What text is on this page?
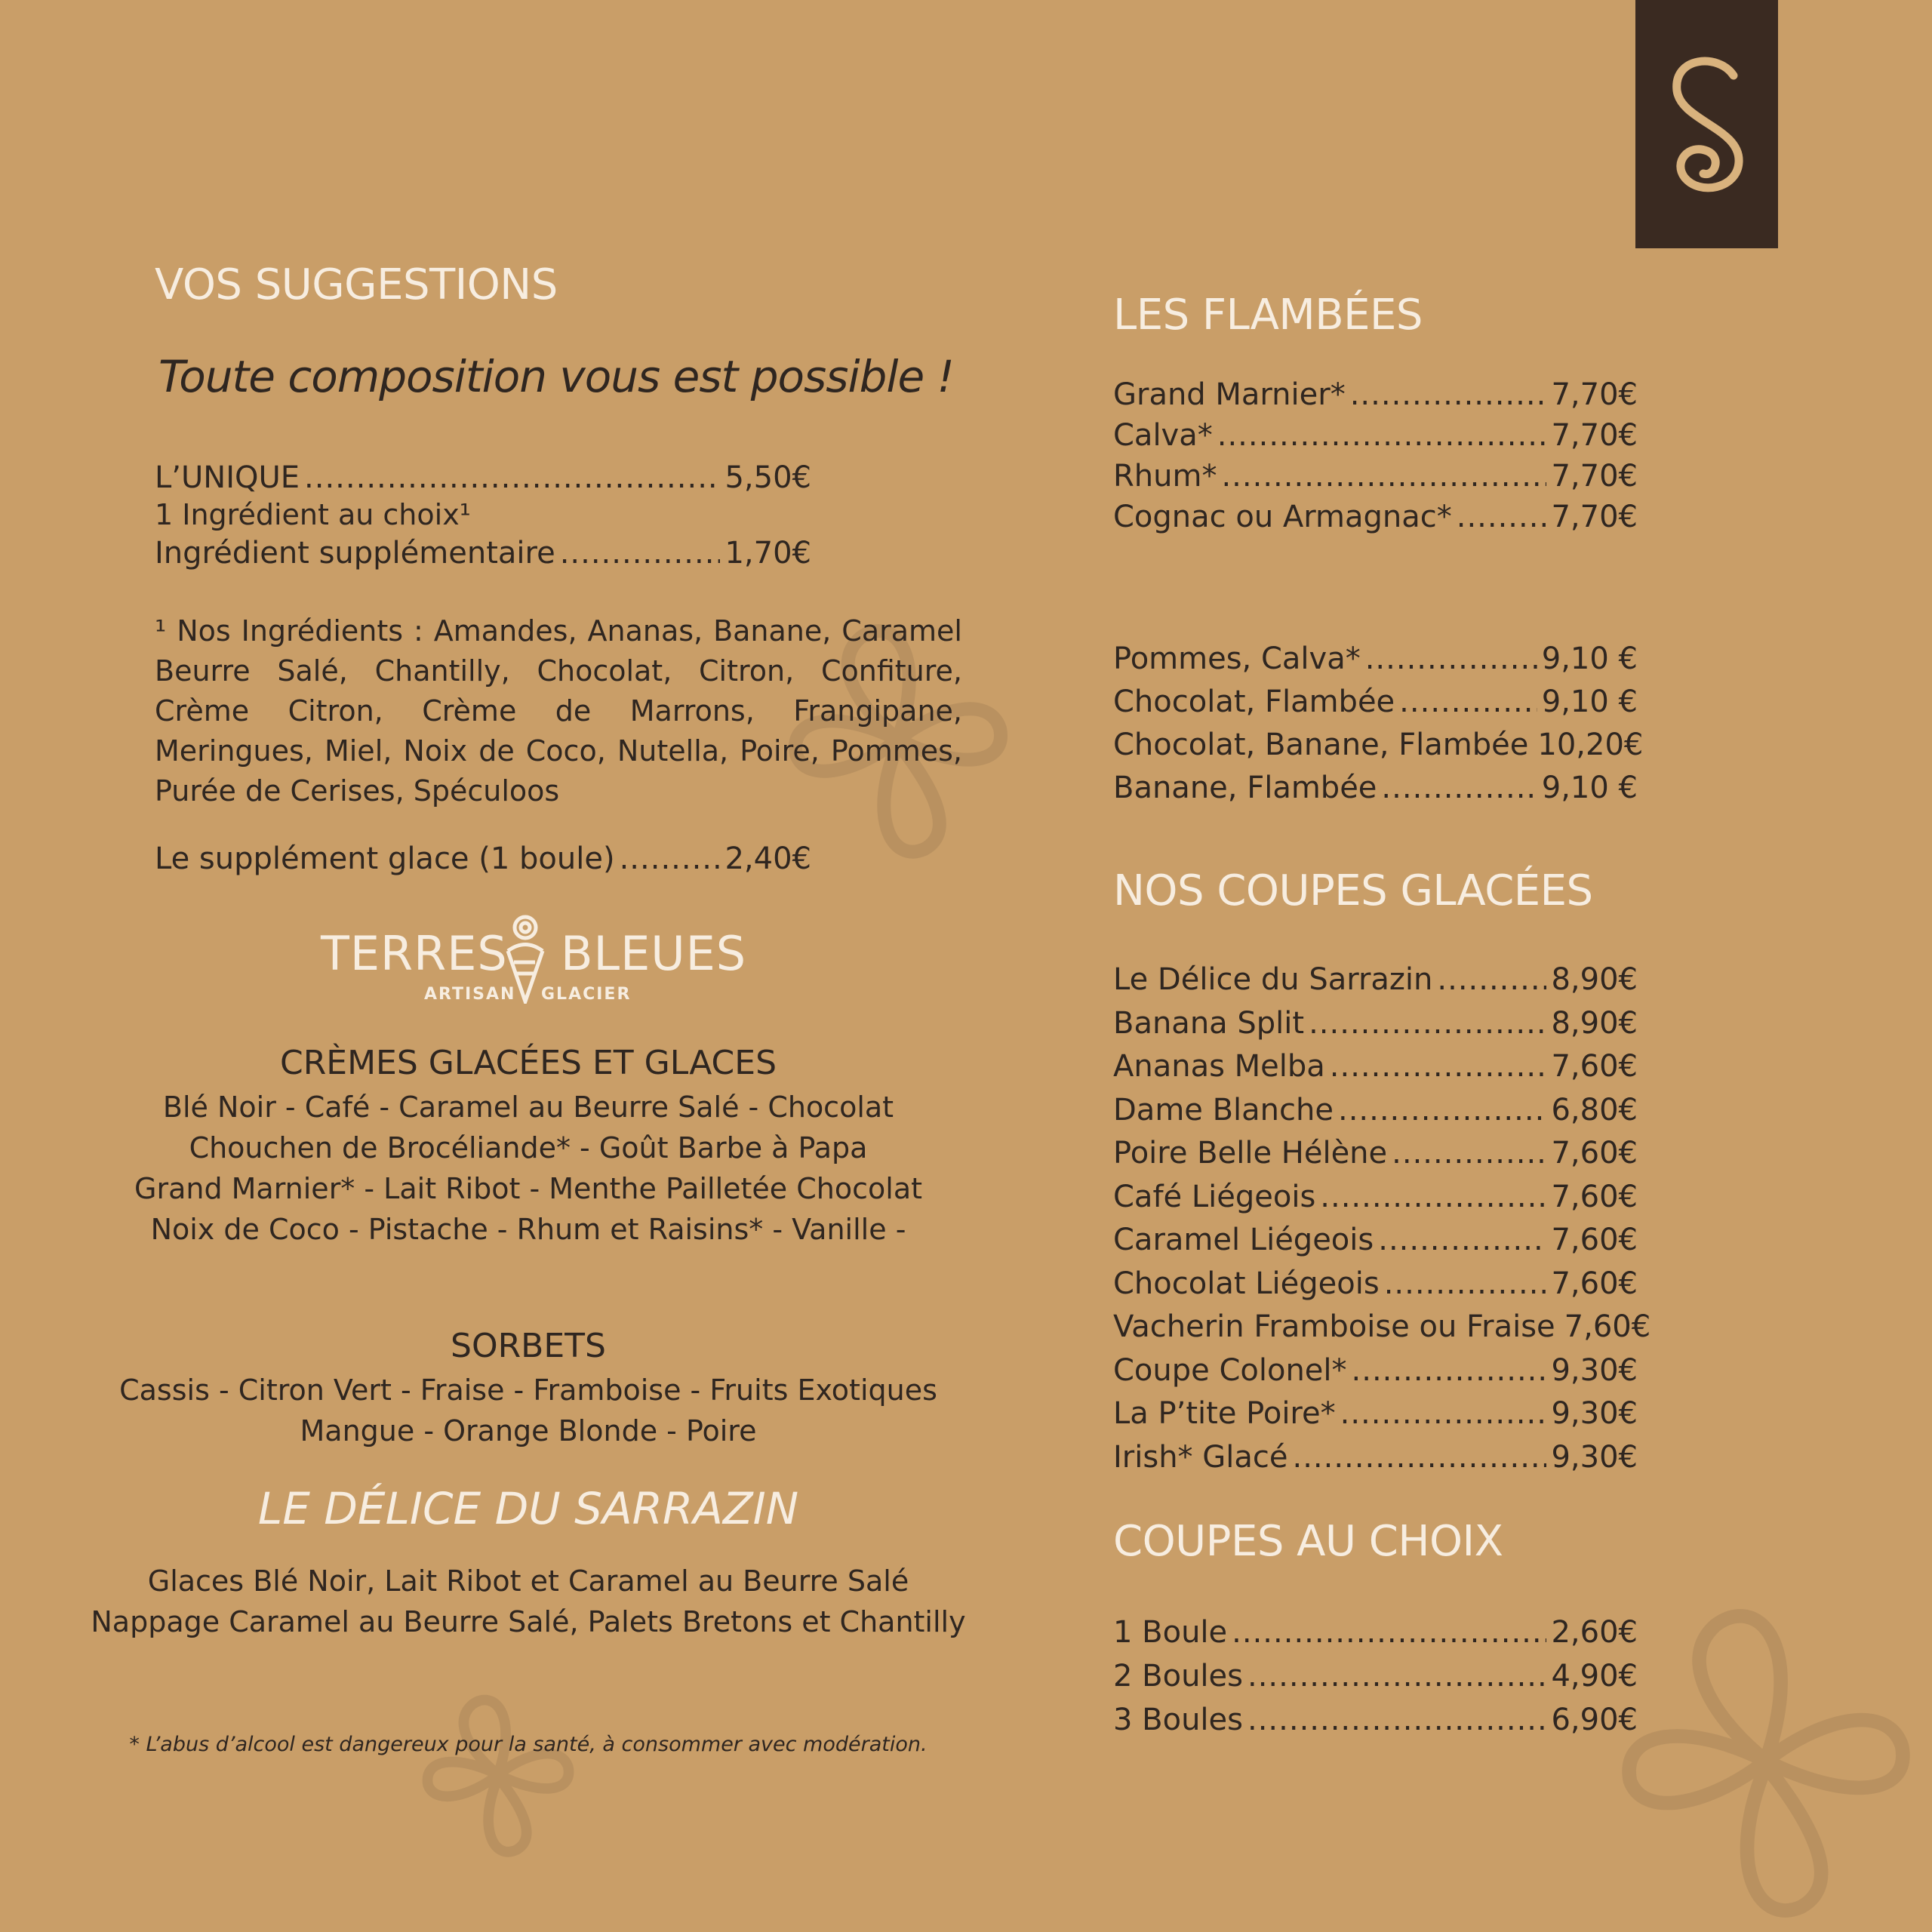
VOS SUGGESTIONS
Toute composition vous est possible !
L’UNIQUE .....	5,50€
1 Ingrédient au choix¹
Ingrédient supplémentaire .....	1,70€
¹ Nos Ingrédients : Amandes, Ananas, Banane, Caramel Beurre Salé, Chantilly, Chocolat, Citron, Confiture, Crème Citron, Crème de Marrons, Frangipane, Meringues, Miel, Noix de Coco, Nutella, Poire, Pommes, Purée de Cerises, Spéculoos
Le supplément glace (1 boule) .....	2,40€
TERRES BLEUES
ARTISAN GLACIER
CRÈMES GLACÉES ET GLACES
Blé Noir - Café - Caramel au Beurre Salé - Chocolat
Chouchen de Brocéliande* - Goût Barbe à Papa
Grand Marnier* - Lait Ribot - Menthe Pailletée Chocolat
Noix de Coco - Pistache - Rhum et Raisins* - Vanille -
SORBETS
Cassis - Citron Vert - Fraise - Framboise - Fruits Exotiques
Mangue - Orange Blonde - Poire
LE DÉLICE DU SARRAZIN
Glaces Blé Noir, Lait Ribot et Caramel au Beurre Salé
Nappage Caramel au Beurre Salé, Palets Bretons et Chantilly
* L’abus d’alcool est dangereux pour la santé, à consommer avec modération.
LES FLAMBÉES
Grand Marnier* .....	7,70€
Calva* .....	7,70€
Rhum* .....	7,70€
Cognac ou Armagnac* .....	7,70€
Pommes, Calva* .....	9,10 €
Chocolat, Flambée .....	9,10 €
Chocolat, Banane, Flambée 10,20€
Banane, Flambée .....	9,10 €
NOS COUPES GLACÉES
Le Délice du Sarrazin .....	8,90€
Banana Split .....	8,90€
Ananas Melba .....	7,60€
Dame Blanche .....	6,80€
Poire Belle Hélène .....	7,60€
Café Liégeois .....	7,60€
Caramel Liégeois .....	7,60€
Chocolat Liégeois .....	7,60€
Vacherin Framboise ou Fraise 7,60€
Coupe Colonel* .....	9,30€
La P’tite Poire* .....	9,30€
Irish* Glacé .....	9,30€
COUPES AU CHOIX
1 Boule .....	2,60€
2 Boules .....	4,90€
3 Boules .....	6,90€
